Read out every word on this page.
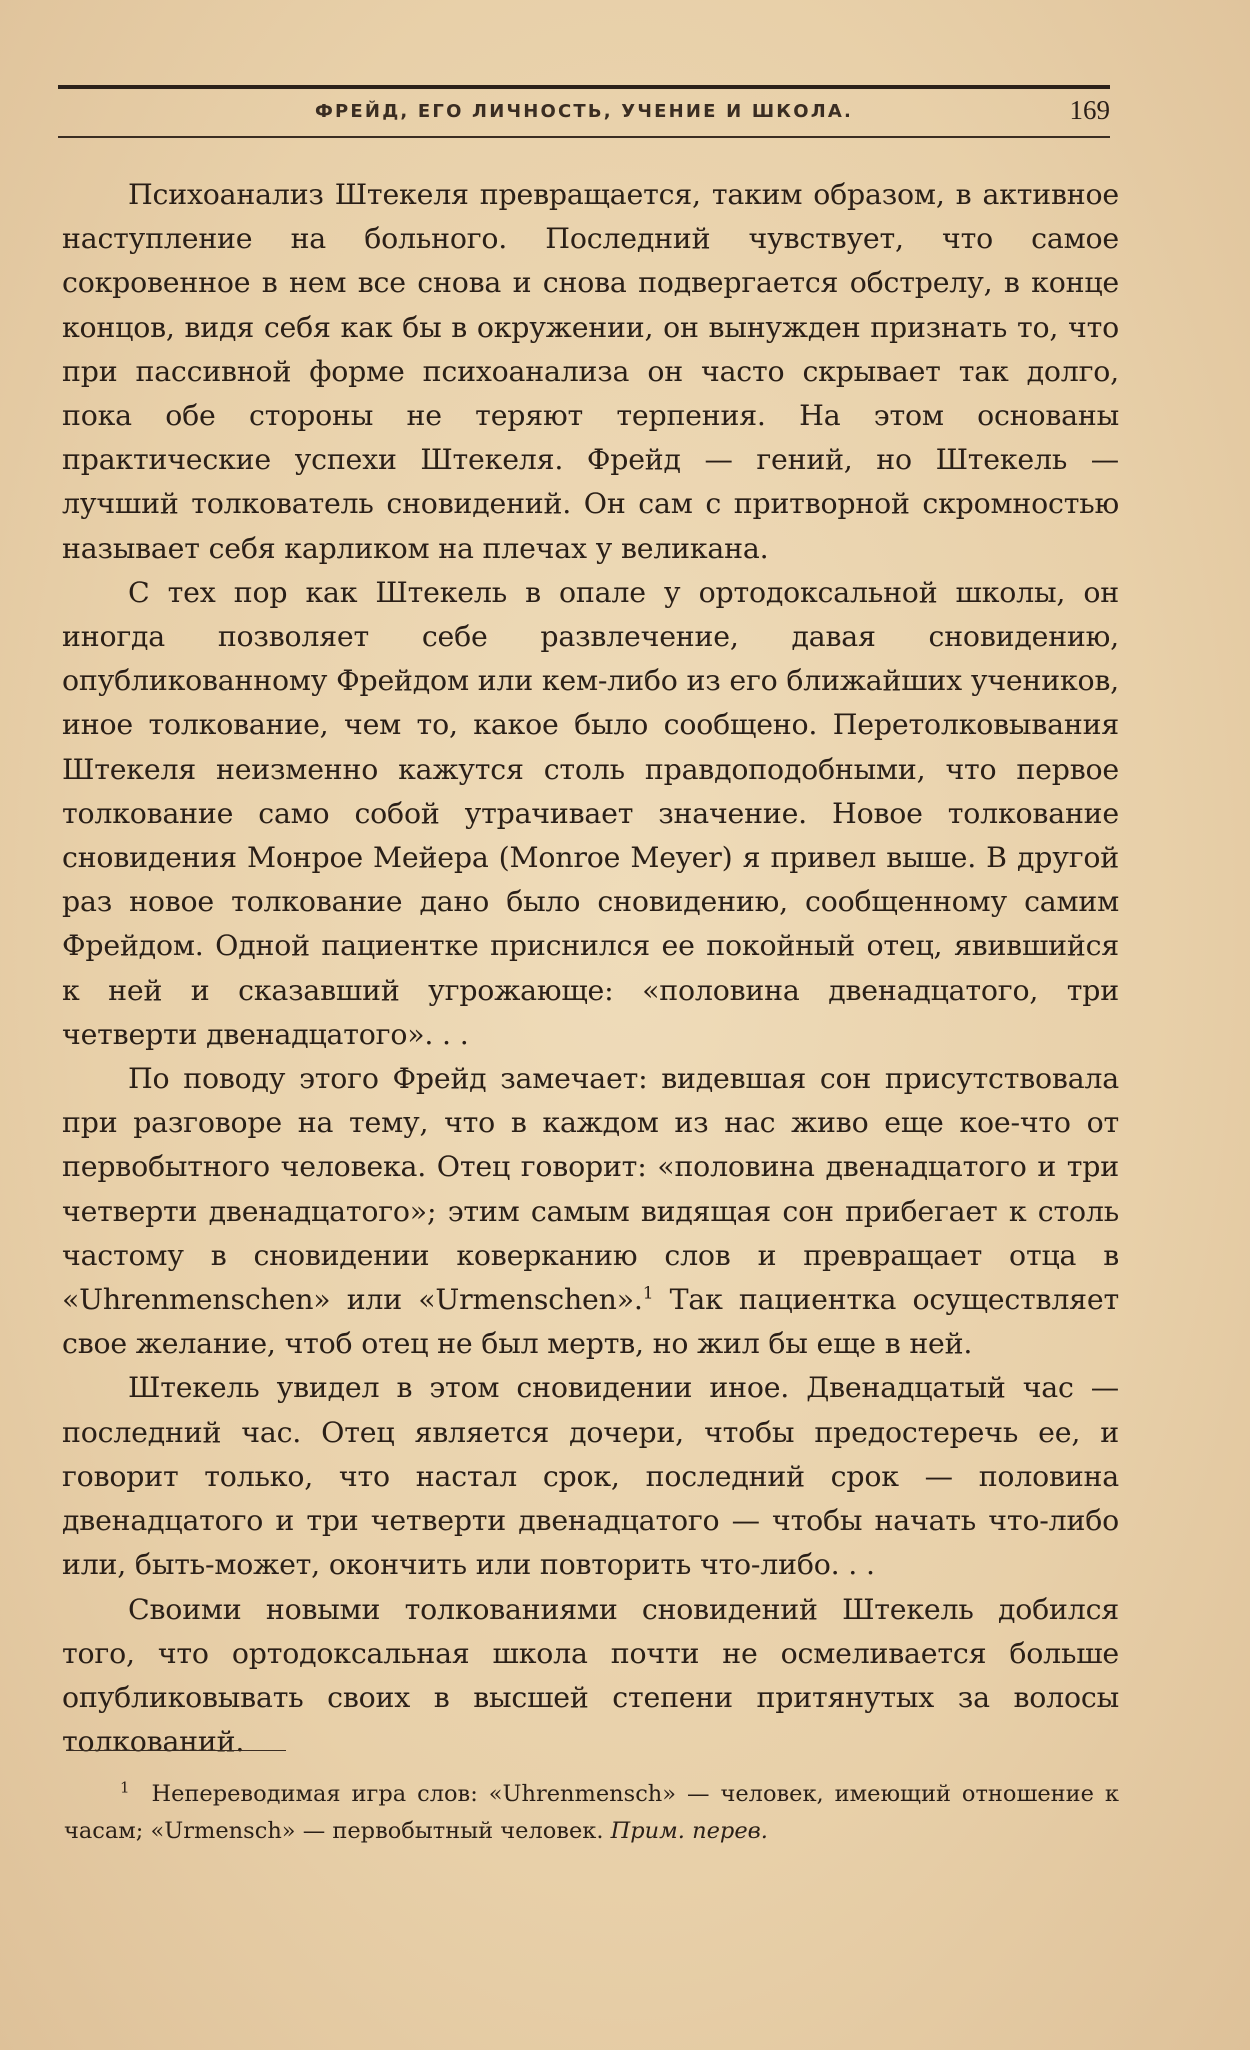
ФРЕЙД, ЕГО ЛИЧНОСТЬ, УЧЕНИЕ И ШКОЛА.	169

Психоанализ Штекеля превращается, таким образом, в активное наступление на больного. Последний чувствует, что самое сокровенное в нем все снова и снова подвергается обстрелу, в конце концов, видя себя как бы в окружении, он вынужден признать то, что при пассивной форме психоанализа он часто скрывает так долго, пока обе стороны не теряют терпения. На этом основаны практические успехи Штекеля. Фрейд — гений, но Штекель — лучший толкователь сновидений. Он сам с притворной скромностью называет себя карликом на плечах у великана.

С тех пор как Штекель в опале у ортодоксальной школы, он иногда позволяет себе развлечение, давая сновидению, опубликованному Фрейдом или кем-либо из его ближайших учеников, иное толкование, чем то, какое было сообщено. Перетолковывания Штекеля неизменно кажутся столь правдоподобными, что первое толкование само собой утрачивает значение. Новое толкование сновидения Монрое Мейера (Monroe Meyer) я привел выше. В другой раз новое толкование дано было сновидению, сообщенному самим Фрейдом. Одной пациентке приснился ее покойный отец, явившийся к ней и сказавший угрожающе: «половина двенадцатого, три четверти двенадцатого». . .

По поводу этого Фрейд замечает: видевшая сон присутствовала при разговоре на тему, что в каждом из нас живо еще кое-что от первобытного человека. Отец говорит: «половина двенадцатого и три четверти двенадцатого»; этим самым видящая сон прибегает к столь частому в сновидении коверканию слов и превращает отца в «Uhrenmenschen» или «Urmenschen».$^1$ Так пациентка осуществляет свое желание, чтоб отец не был мертв, но жил бы еще в ней.

Штекель увидел в этом сновидении иное. Двенадцатый час — последний час. Отец является дочери, чтобы предостеречь ее, и говорит только, что настал срок, последний срок — половина двенадцатого и три четверти двенадцатого — чтобы начать что-либо или, быть-может, окончить или повторить что-либо. . .

Своими новыми толкованиями сновидений Штекель добился того, что ортодоксальная школа почти не осмеливается больше опубликовывать своих в высшей степени притянутых за волосы толкований.

$^1$ Непереводимая игра слов: «Uhrenmensch» — человек, имеющий отношение к часам; «Urmensch» — первобытный человек. Прим. перев.
